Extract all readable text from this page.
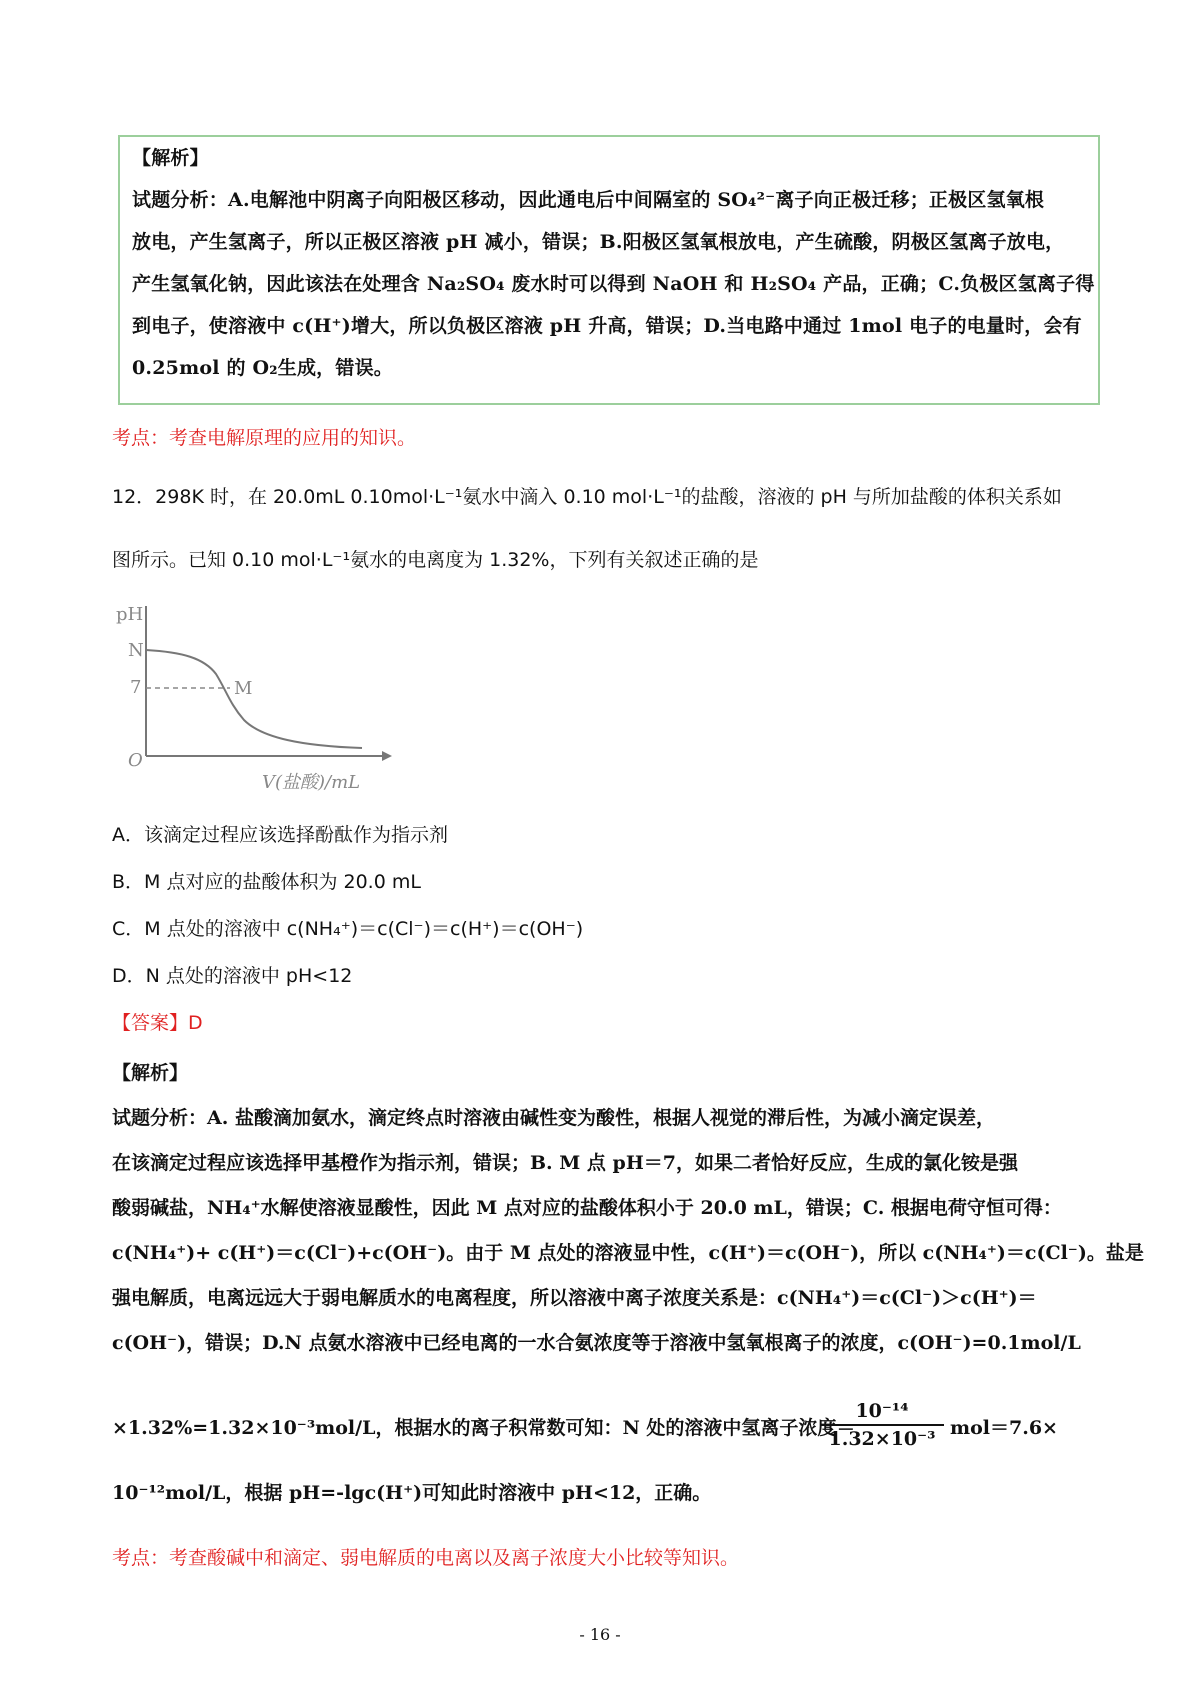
【解析】
试题分析：A.电解池中阴离子向阳极区移动，因此通电后中间隔室的 SO₄²⁻离子向正极迁移；正极区氢氧根
放电，产生氢离子，所以正极区溶液 pH 减小，错误；B.阳极区氢氧根放电，产生硫酸，阴极区氢离子放电，
产生氢氧化钠，因此该法在处理含 Na₂SO₄ 废水时可以得到 NaOH 和 H₂SO₄ 产品，正确；C.负极区氢离子得
到电子，使溶液中 c(H⁺)增大，所以负极区溶液 pH 升高，错误；D.当电路中通过 1mol 电子的电量时，会有
0.25mol 的 O₂生成，错误。
考点：考查电解原理的应用的知识。
12．298K 时，在 20.0mL 0.10mol·L⁻¹氨水中滴入 0.10 mol·L⁻¹的盐酸，溶液的 pH 与所加盐酸的体积关系如
图所示。已知 0.10 mol·L⁻¹氨水的电离度为 1.32%，下列有关叙述正确的是
pH
N
7
O
M
V(盐酸)/mL
A．该滴定过程应该选择酚酞作为指示剂
B．M 点对应的盐酸体积为 20.0 mL
C．M 点处的溶液中 c(NH₄⁺)＝c(Cl⁻)＝c(H⁺)＝c(OH⁻)
D．N 点处的溶液中 pH<12
【答案】D
【解析】
试题分析：A. 盐酸滴加氨水，滴定终点时溶液由碱性变为酸性，根据人视觉的滞后性，为减小滴定误差，
在该滴定过程应该选择甲基橙作为指示剂，错误；B. M 点 pH＝7，如果二者恰好反应，生成的氯化铵是强
酸弱碱盐，NH₄⁺水解使溶液显酸性，因此 M 点对应的盐酸体积小于 20.0 mL，错误；C. 根据电荷守恒可得：
c(NH₄⁺)+ c(H⁺)＝c(Cl⁻)+c(OH⁻)。由于 M 点处的溶液显中性，c(H⁺)＝c(OH⁻)，所以 c(NH₄⁺)＝c(Cl⁻)。盐是
强电解质，电离远远大于弱电解质水的电离程度，所以溶液中离子浓度关系是：c(NH₄⁺)＝c(Cl⁻)＞c(H⁺)＝
c(OH⁻)，错误；D.N 点氨水溶液中已经电离的一水合氨浓度等于溶液中氢氧根离子的浓度，c(OH⁻)=0.1mol/L
×1.32%=1.32×10⁻³mol/L，根据水的离子积常数可知：N 处的溶液中氢离子浓度＝
10⁻¹⁴
1.32×10⁻³ mol＝7.6×
10⁻¹²mol/L，根据 pH=-lgc(H⁺)可知此时溶液中 pH<12，正确。
考点：考查酸碱中和滴定、弱电解质的电离以及离子浓度大小比较等知识。
- 16 -
